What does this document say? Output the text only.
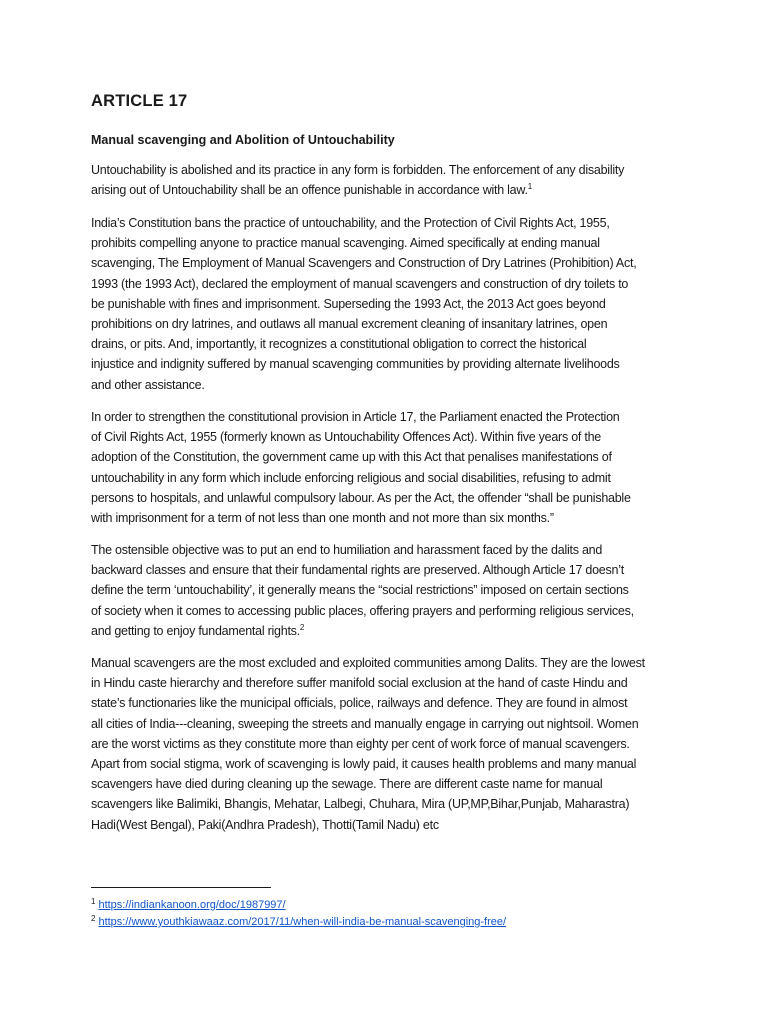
ARTICLE 17

Manual scavenging and Abolition of Untouchability

Untouchability is abolished and its practice in any form is forbidden. The enforcement of any disability
arising out of Untouchability shall be an offence punishable in accordance with law.$^1$

India’s Constitution bans the practice of untouchability, and the Protection of Civil Rights Act, 1955,
prohibits compelling anyone to practice manual scavenging. Aimed specifically at ending manual
scavenging, The Employment of Manual Scavengers and Construction of Dry Latrines (Prohibition) Act,
1993 (the 1993 Act), declared the employment of manual scavengers and construction of dry toilets to
be punishable with fines and imprisonment. Superseding the 1993 Act, the 2013 Act goes beyond
prohibitions on dry latrines, and outlaws all manual excrement cleaning of insanitary latrines, open
drains, or pits. And, importantly, it recognizes a constitutional obligation to correct the historical
injustice and indignity suffered by manual scavenging communities by providing alternate livelihoods
and other assistance.

In order to strengthen the constitutional provision in Article 17, the Parliament enacted the Protection
of Civil Rights Act, 1955 (formerly known as Untouchability Offences Act). Within five years of the
adoption of the Constitution, the government came up with this Act that penalises manifestations of
untouchability in any form which include enforcing religious and social disabilities, refusing to admit
persons to hospitals, and unlawful compulsory labour. As per the Act, the offender “shall be punishable
with imprisonment for a term of not less than one month and not more than six months.”

The ostensible objective was to put an end to humiliation and harassment faced by the dalits and
backward classes and ensure that their fundamental rights are preserved. Although Article 17 doesn’t
define the term ‘untouchability’, it generally means the “social restrictions” imposed on certain sections
of society when it comes to accessing public places, offering prayers and performing religious services,
and getting to enjoy fundamental rights.$^2$

Manual scavengers are the most excluded and exploited communities among Dalits. They are the lowest
in Hindu caste hierarchy and therefore suffer manifold social exclusion at the hand of caste Hindu and
state’s functionaries like the municipal officials, police, railways and defence. They are found in almost
all cities of India---cleaning, sweeping the streets and manually engage in carrying out nightsoil. Women
are the worst victims as they constitute more than eighty per cent of work force of manual scavengers.
Apart from social stigma, work of scavenging is lowly paid, it causes health problems and many manual
scavengers have died during cleaning up the sewage. There are different caste name for manual
scavengers like Balimiki, Bhangis, Mehatar, Lalbegi, Chuhara, Mira (UP,MP,Bihar,Punjab, Maharastra)
Hadi(West Bengal), Paki(Andhra Pradesh), Thotti(Tamil Nadu) etc

$^1$ https://indiankanoon.org/doc/1987997/
$^2$ https://www.youthkiawaaz.com/2017/11/when-will-india-be-manual-scavenging-free/
